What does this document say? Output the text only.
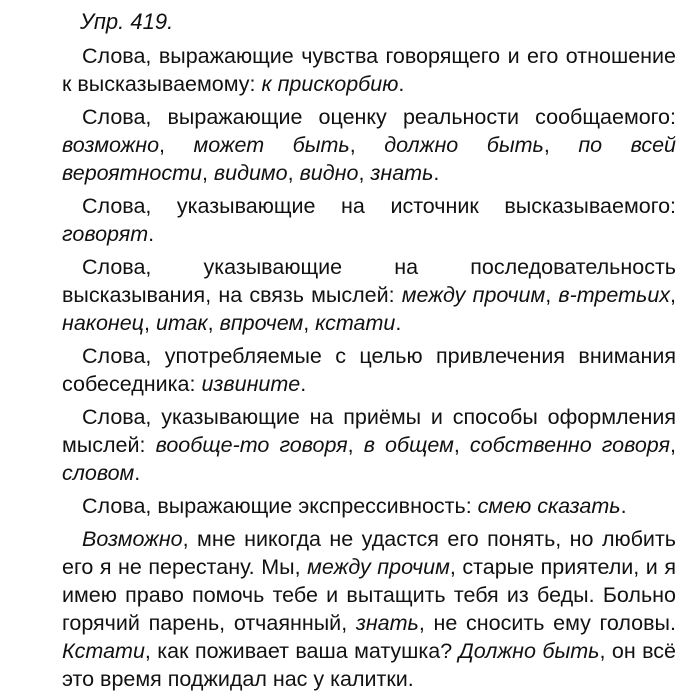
Упр. 419.

Слова, выражающие чувства говорящего и его отношение к высказываемому: к прискорбию.

Слова, выражающие оценку реальности сообщаемого: возможно, может быть, должно быть, по всей вероятности, видимо, видно, знать.

Слова, указывающие на источник высказываемого: говорят.

Слова, указывающие на последовательность высказывания, на связь мыслей: между прочим, в-третьих, наконец, итак, впрочем, кстати.

Слова, употребляемые с целью привлечения внимания собеседника: извините.

Слова, указывающие на приёмы и способы оформления мыслей: вообще-то говоря, в общем, собственно говоря, словом.

Слова, выражающие экспрессивность: смею сказать.

Возможно, мне никогда не удастся его понять, но любить его я не перестану. Мы, между прочим, старые приятели, и я имею право помочь тебе и вытащить тебя из беды. Больно горячий парень, отчаянный, знать, не сносить ему головы. Кстати, как поживает ваша матушка? Должно быть, он всё это время поджидал нас у калитки.
